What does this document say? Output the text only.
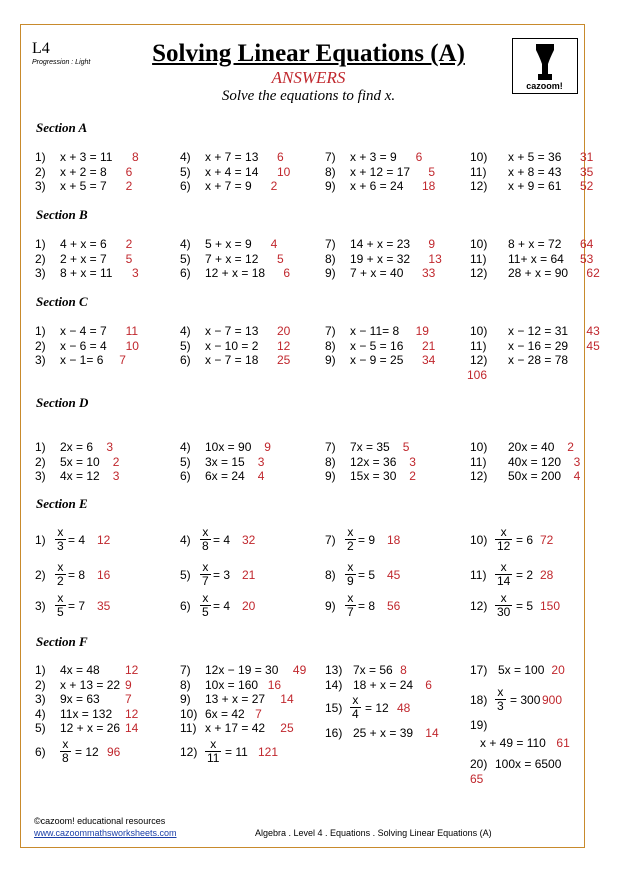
L4
Progression : Light	Solving Linear Equations (A)
ANSWERS
Solve the equations to find x.
cazoom!
Section A
1) x + 3 = 11 8
2) x + 2 = 8 6
3) x + 5 = 7 2
4) x + 7 = 13 6
5) x + 4 = 14 10
6) x + 7 = 9 2
7) x + 3 = 9 6
8) x + 12 = 17 5
9) x + 6 = 24 18
10) x + 5 = 36 31
11) x + 8 = 43 35
12) x + 9 = 61 52
Section B
1) 4 + x = 6 2
2) 2 + x = 7 5
3) 8 + x = 11 3
4) 5 + x = 9 4
5) 7 + x = 12 5
6) 12 + x = 18 6
7) 14 + x = 23 9
8) 19 + x = 32 13
9) 7 + x = 40 33
10) 8 + x = 72 64
11) 11+ x = 64 53
12) 28 + x = 90 62
Section C
1) x − 4 = 7 11
2) x − 6 = 4 10
3) x − 1= 6 7
4) x − 7 = 13 20
5) x − 10 = 2 12
6) x − 7 = 18 25
7) x − 11= 8 19
8) x − 5 = 16 21
9) x − 9 = 25 34
10) x − 12 = 31 43
11) x − 16 = 29 45
12) x − 28 = 78
106
Section D
1) 2x = 6 3
2) 5x = 10 2
3) 4x = 12 3
4) 10x = 90 9
5) 3x = 15 3
6) 6x = 24 4
7) 7x = 35 5
8) 12x = 36 3
9) 15x = 30 2
10) 20x = 40 2
11) 40x = 120 3
12) 50x = 200 4
Section E
$1) \frac{x}{3} = 4$ 12
$2) \frac{x}{2} = 8$ 16
$3) \frac{x}{5} = 7$ 35
$4) \frac{x}{8} = 4$ 32
$5) \frac{x}{7} = 3$ 21
$6) \frac{x}{5} = 4$ 20
$7) \frac{x}{2} = 9$ 18
$8) \frac{x}{9} = 5$ 45
$9) \frac{x}{7} = 8$ 56
$10) \frac{x}{12} = 6$ 72
$11) \frac{x}{14} = 2$ 28
$12) \frac{x}{30} = 5$ 150
Section F
1) 4x = 48 12
2) x + 13 = 22 9
3) 9x = 63 7
4) 11x = 132 12
5) 12 + x = 26 14
$6) \frac{x}{8} = 12$ 96
7) 12x − 19 = 30 49
8) 10x = 160 16
9) 13 + x = 27 14
10) 6x = 42 7
11) x + 17 = 42 25
$12) \frac{x}{11} = 11$ 121
13) 7x = 56 8
14) 18 + x = 24 6
$15) \frac{x}{4} = 12$ 48
16) 25 + x = 39 14
17) 5x = 100 20
$18) \frac{x}{3} = 300$ 900
19)
x + 49 = 110 61
20) 100x = 6500
65
©cazoom! educational resources
www.cazoommathsworksheets.com	Algebra . Level 4 . Equations . Solving Linear Equations (A)
